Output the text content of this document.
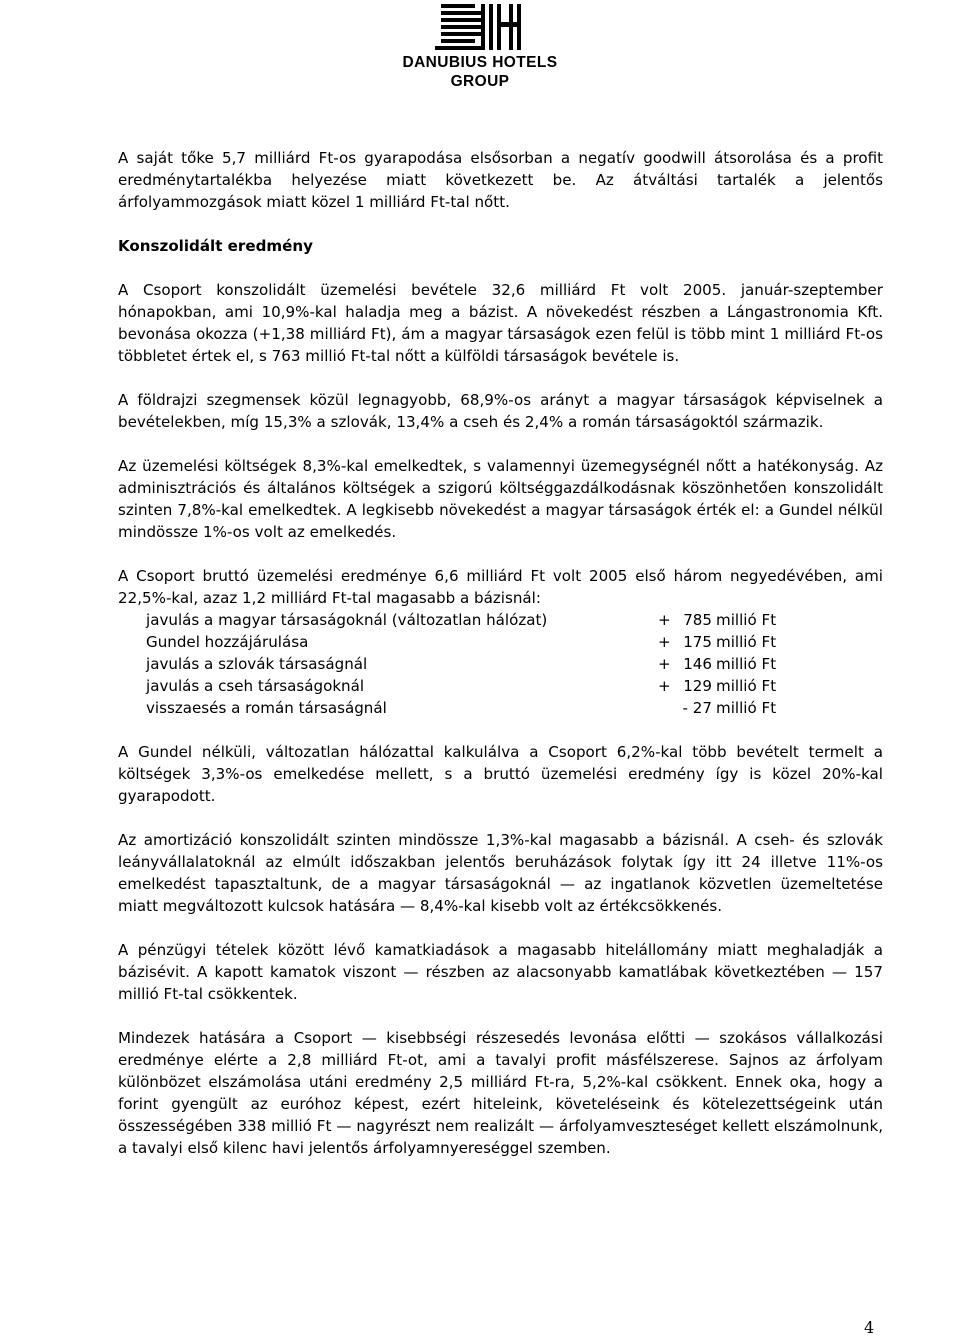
DANUBIUS HOTELS
GROUP

A saját tőke 5,7 milliárd Ft-os gyarapodása elsősorban a negatív goodwill átsorolása és a profit eredménytartalékba helyezése miatt következett be. Az átváltási tartalék a jelentős árfolyammozgások miatt közel 1 milliárd Ft-tal nőtt.

Konszolidált eredmény

A Csoport konszolidált üzemelési bevétele 32,6 milliárd Ft volt 2005. január-szeptember hónapokban, ami 10,9%-kal haladja meg a bázist. A növekedést részben a Lángastronomia Kft. bevonása okozza (+1,38 milliárd Ft), ám a magyar társaságok ezen felül is több mint 1 milliárd Ft-os többletet értek el, s 763 millió Ft-tal nőtt a külföldi társaságok bevétele is.

A földrajzi szegmensek közül legnagyobb, 68,9%-os arányt a magyar társaságok képviselnek a bevételekben, míg 15,3% a szlovák, 13,4% a cseh és 2,4% a román társaságoktól származik.

Az üzemelési költségek 8,3%-kal emelkedtek, s valamennyi üzemegységnél nőtt a hatékonyság. Az adminisztrációs és általános költségek a szigorú költséggazdálkodásnak köszönhetően konszolidált szinten 7,8%-kal emelkedtek. A legkisebb növekedést a magyar társaságok érték el: a Gundel nélkül mindössze 1%-os volt az emelkedés.

A Csoport bruttó üzemelési eredménye 6,6 milliárd Ft volt 2005 első három negyedévében, ami 22,5%-kal, azaz 1,2 milliárd Ft-tal magasabb a bázisnál:

javulás a magyar társaságoknál (változatlan hálózat)	+	785	millió Ft
Gundel hozzájárulása	+	175	millió Ft
javulás a szlovák társaságnál	+	146	millió Ft
javulás a cseh társaságoknál	+	129	millió Ft
visszaesés a román társaságnál		- 27	millió Ft

A Gundel nélküli, változatlan hálózattal kalkulálva a Csoport 6,2%-kal több bevételt termelt a költségek 3,3%-os emelkedése mellett, s a bruttó üzemelési eredmény így is közel 20%-kal gyarapodott.

Az amortizáció konszolidált szinten mindössze 1,3%-kal magasabb a bázisnál. A cseh- és szlovák leányvállalatoknál az elmúlt időszakban jelentős beruházások folytak így itt 24 illetve 11%-os emelkedést tapasztaltunk, de a magyar társaságoknál — az ingatlanok közvetlen üzemeltetése miatt megváltozott kulcsok hatására — 8,4%-kal kisebb volt az értékcsökkenés.

A pénzügyi tételek között lévő kamatkiadások a magasabb hitelállomány miatt meghaladják a bázisévit. A kapott kamatok viszont — részben az alacsonyabb kamatlábak következtében — 157 millió Ft-tal csökkentek.

Mindezek hatására a Csoport — kisebbségi részesedés levonása előtti — szokásos vállalkozási eredménye elérte a 2,8 milliárd Ft-ot, ami a tavalyi profit másfélszerese. Sajnos az árfolyam különbözet elszámolása utáni eredmény 2,5 milliárd Ft-ra, 5,2%-kal csökkent. Ennek oka, hogy a forint gyengült az euróhoz képest, ezért hiteleink, követeléseink és kötelezettségeink után összességében 338 millió Ft — nagyrészt nem realizált — árfolyamveszteséget kellett elszámolnunk, a tavalyi első kilenc havi jelentős árfolyamnyereséggel szemben.

4
